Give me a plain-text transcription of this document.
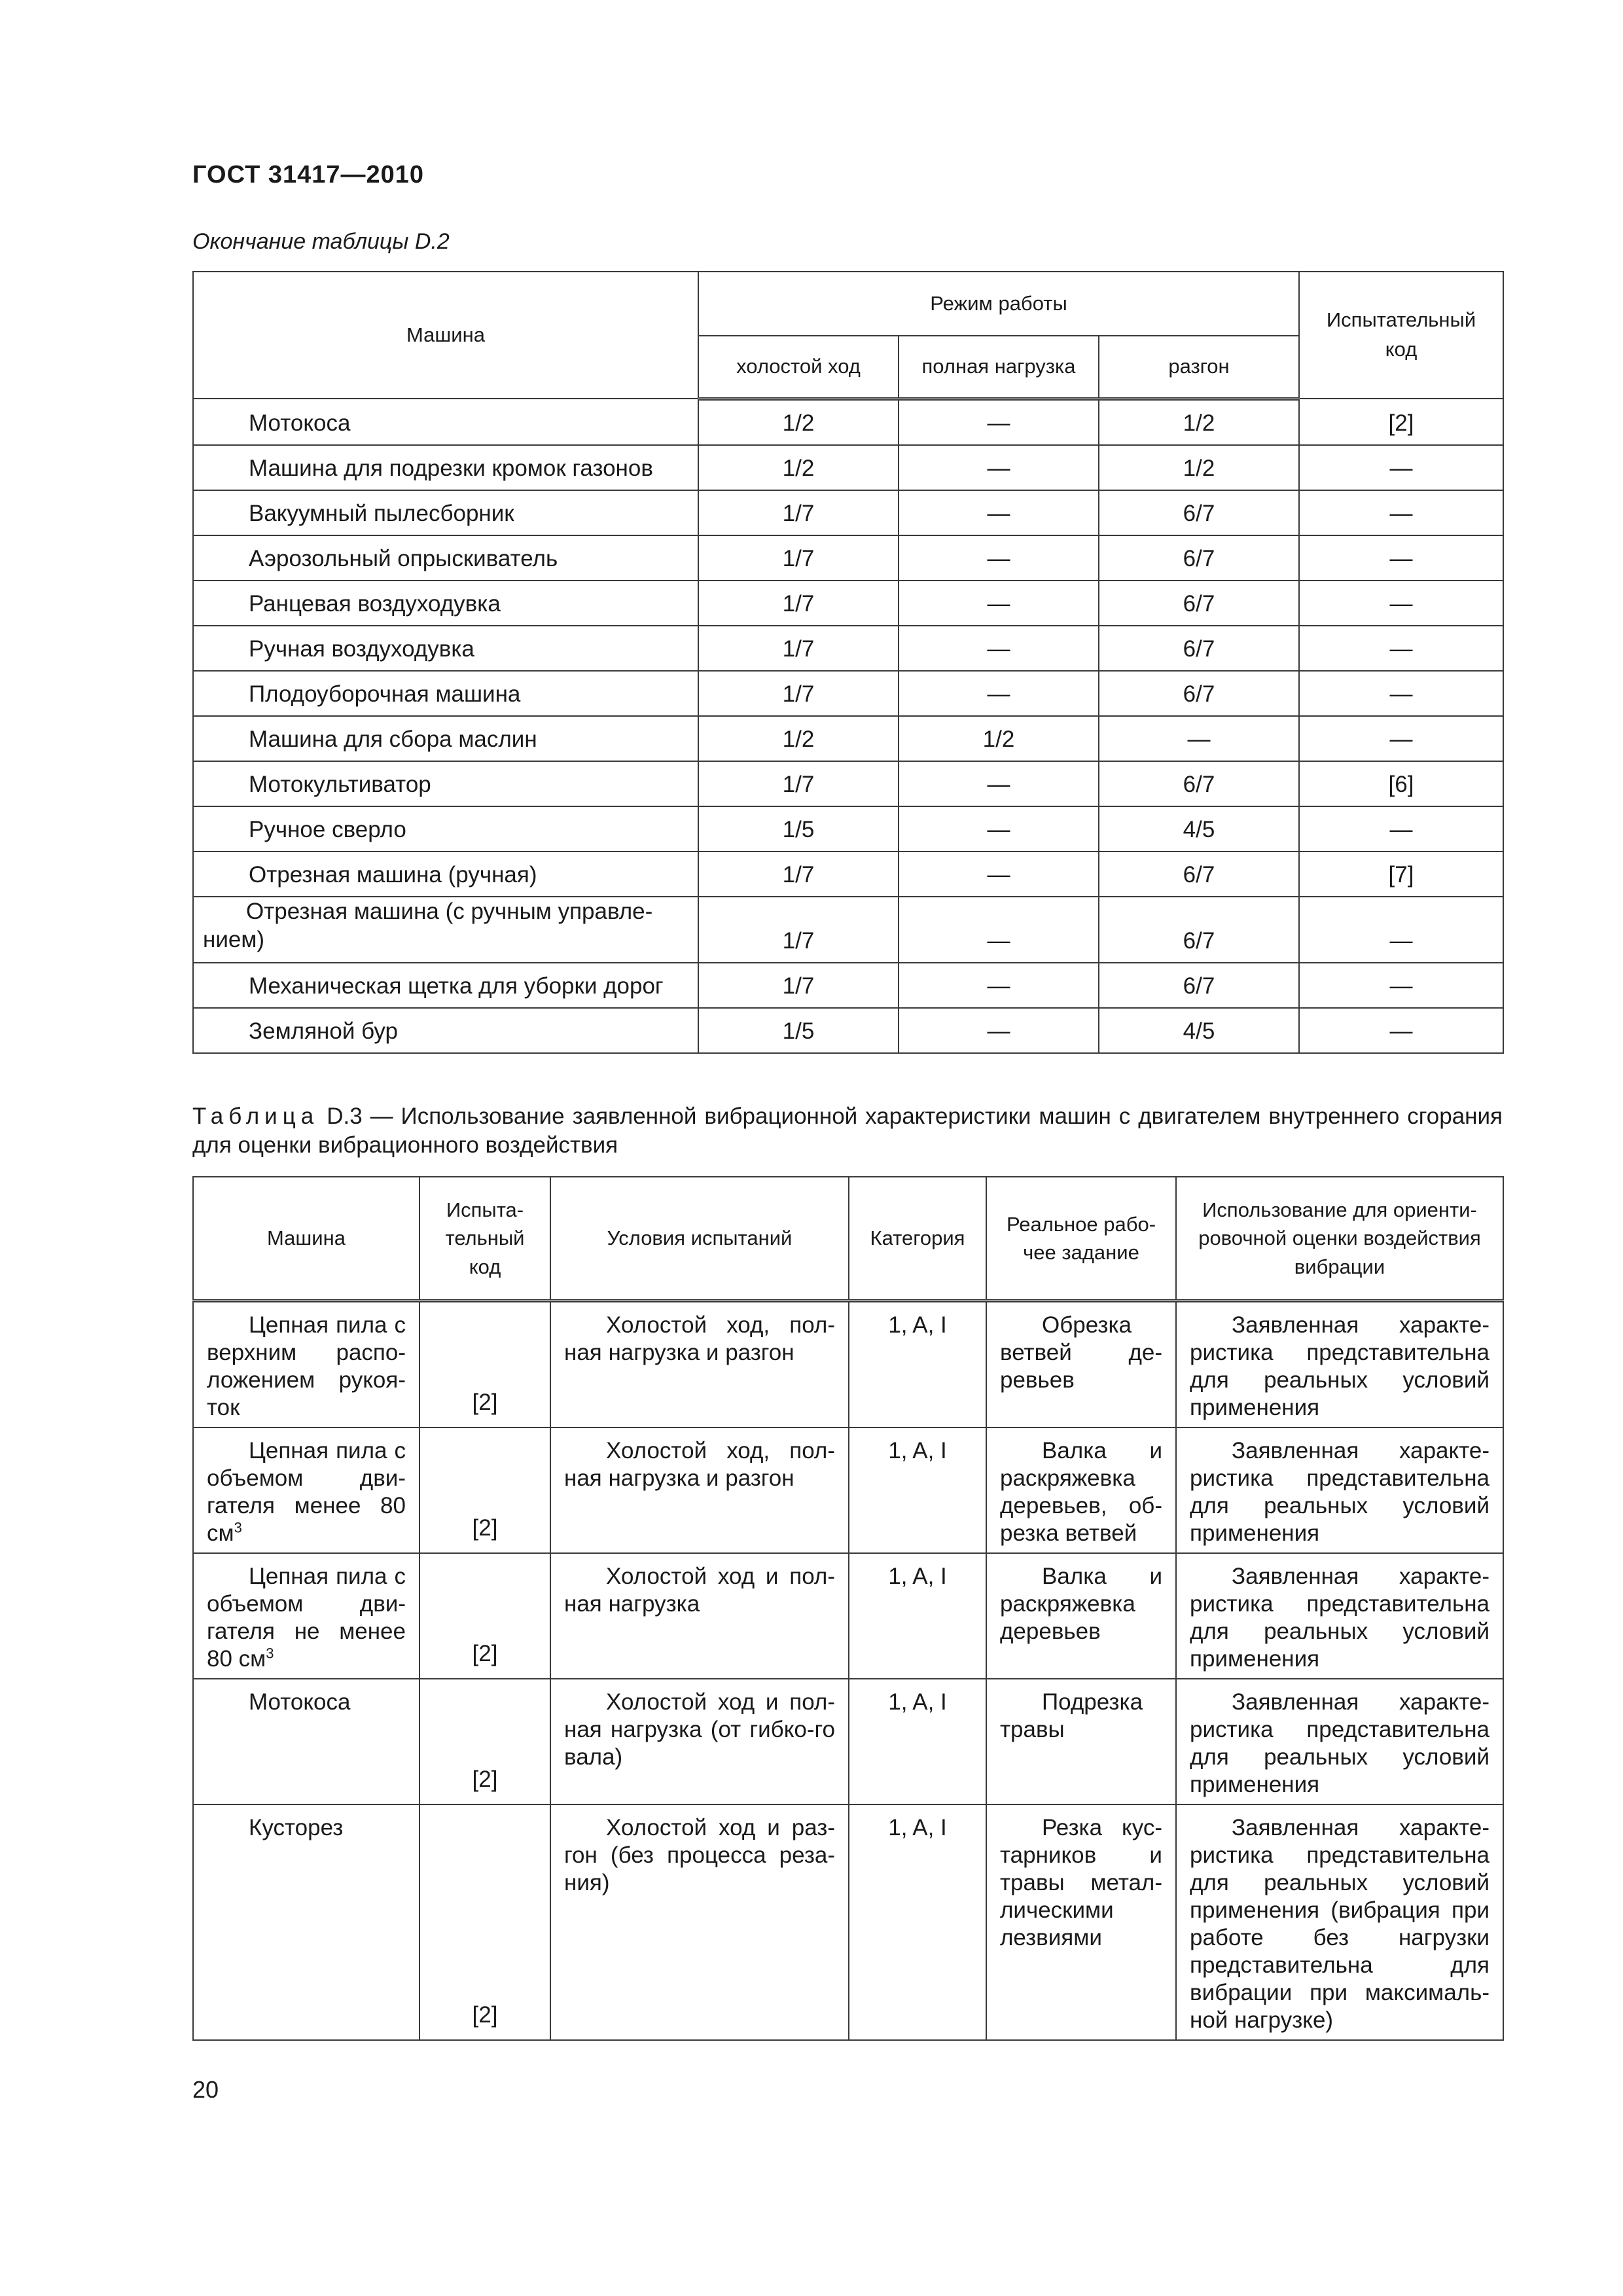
ГОСТ 31417—2010
Окончание таблицы D.2
Машина	Режим работы			Испытательный код
	холостой ход	полная нагрузка	разгон	
Мотокоса	1/2	—	1/2	[2]
Машина для подрезки кромок газонов	1/2	—	1/2	—
Вакуумный пылесборник	1/7	—	6/7	—
Аэрозольный опрыскиватель	1/7	—	6/7	—
Ранцевая воздуходувка	1/7	—	6/7	—
Ручная воздуходувка	1/7	—	6/7	—
Плодоуборочная машина	1/7	—	6/7	—
Машина для сбора маслин	1/2	1/2	—	—
Мотокультиватор	1/7	—	6/7	[6]
Ручное сверло	1/5	—	4/5	—
Отрезная машина (ручная)	1/7	—	6/7	[7]
Отрезная машина (с ручным управле-нием)	1/7	—	6/7	—
Механическая щетка для уборки дорог	1/7	—	6/7	—
Земляной бур	1/5	—	4/5	—
Таблица D.3 — Использование заявленной вибрационной характеристики машин с двигателем внутреннего сгорания для оценки вибрационного воздействия
Машина	Испыта-тельный код	Условия испытаний	Категория	Реальное рабо-чее задание	Использование для ориенти-ровочной оценки воздействия вибрации
Цепная пила с верхним распо-ложением рукоя-ток	[2]	Холостой ход, пол-ная нагрузка и разгон	1, A, I	Обрезка ветвей де-ревьев	Заявленная характе-ристика представительна для реальных условий применения
Цепная пила с объемом дви-гателя менее 80 $см^3$	[2]	Холостой ход, пол-ная нагрузка и разгон	1, A, I	Валка и раскряжевка деревьев, об-резка ветвей	Заявленная характе-ристика представительна для реальных условий применения
Цепная пила с объемом дви-гателя не менее 80 $см^3$	[2]	Холостой ход и пол-ная нагрузка	1, A, I	Валка и раскряжевка деревьев	Заявленная характе-ристика представительна для реальных условий применения
Мотокоса	[2]	Холостой ход и пол-ная нагрузка (от гибко-го вала)	1, A, I	Подрезка травы	Заявленная характе-ристика представительна для реальных условий применения
Кусторез	[2]	Холостой ход и раз-гон (без процесса реза-ния)	1, A, I	Резка кус-тарников и травы метал-лическими лезвиями	Заявленная характе-ристика представительна для реальных условий применения (вибрация при работе без нагрузки представительна для вибрации при максималь-ной нагрузке)
20
